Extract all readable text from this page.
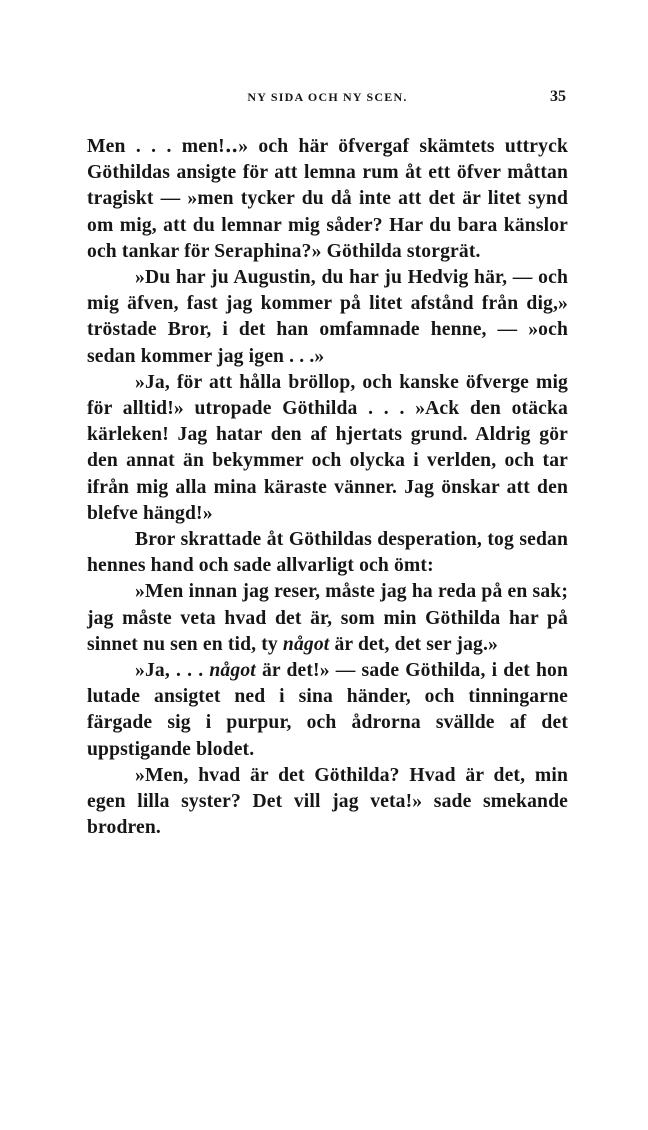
NY SIDA OCH NY SCEN.	35

Men . . . men!‥» och här öfvergaf skämtets uttryck Göthildas ansigte för att lemna rum åt ett öfver måttan tragiskt — »men tycker du då inte att det är litet synd om mig, att du lemnar mig såder? Har du bara känslor och tankar för Seraphina?» Göthilda storgrät.

»Du har ju Augustin, du har ju Hedvig här, — och mig äfven, fast jag kommer på litet afstånd från dig,» tröstade Bror, i det han omfamnade henne, — »och sedan kommer jag igen . . .»

»Ja, för att hålla bröllop, och kanske öfverge mig för alltid!» utropade Göthilda . . . »Ack den otäcka kärleken! Jag hatar den af hjertats grund. Aldrig gör den annat än bekymmer och olycka i verlden, och tar ifrån mig alla mina käraste vänner. Jag önskar att den blefve hängd!»

Bror skrattade åt Göthildas desperation, tog sedan hennes hand och sade allvarligt och ömt:

»Men innan jag reser, måste jag ha reda på en sak; jag måste veta hvad det är, som min Göthilda har på sinnet nu sen en tid, ty något är det, det ser jag.»

»Ja, . . . något är det!» — sade Göthilda, i det hon lutade ansigtet ned i sina händer, och tinningarne färgade sig i purpur, och ådrorna svällde af det uppstigande blodet.

»Men, hvad är det Göthilda? Hvad är det, min egen lilla syster? Det vill jag veta!» sade smekande brodren.
